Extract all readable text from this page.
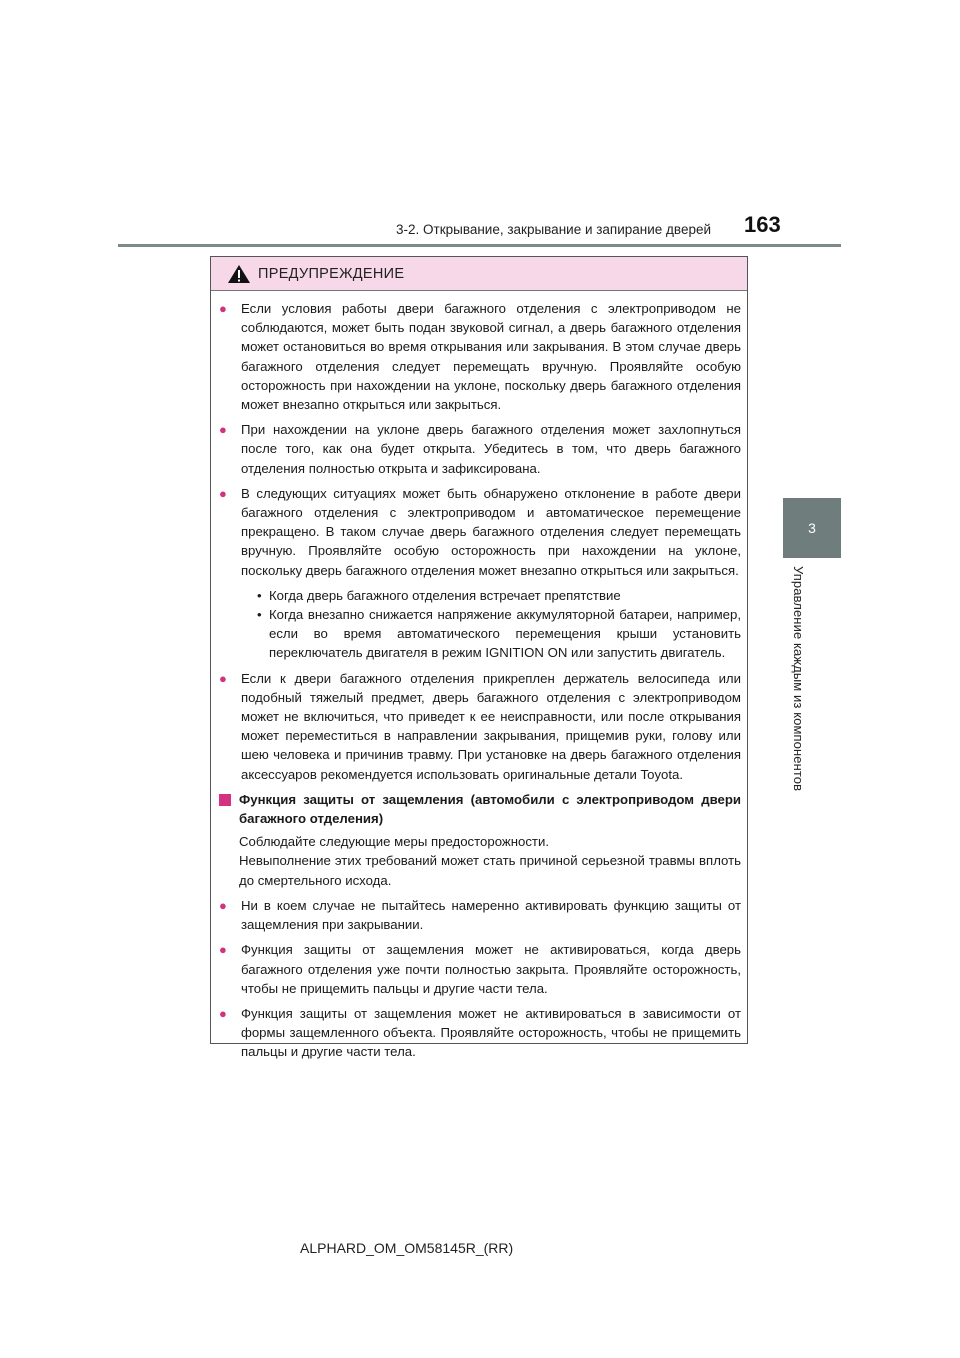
3-2. Открывание, закрывание и запирание дверей 163
3
Управление каждым из компонентов
ПРЕДУПРЕЖДЕНИЕ
●	Если условия работы двери багажного отделения с электроприводом не соблюдаются, может быть подан звуковой сигнал, а дверь багажного отделения может остановиться во время открывания или закрывания. В этом случае дверь багажного отделения следует перемещать вручную. Проявляйте особую осторожность при нахождении на уклоне, поскольку дверь багажного отделения может внезапно открыться или закрыться.
●	При нахождении на уклоне дверь багажного отделения может захлопнуться после того, как она будет открыта. Убедитесь в том, что дверь багажного отделения полностью открыта и зафиксирована.
●	В следующих ситуациях может быть обнаружено отклонение в работе двери багажного отделения с электроприводом и автоматическое перемещение прекращено. В таком случае дверь багажного отделения следует перемещать вручную. Проявляйте особую осторожность при нахождении на уклоне, поскольку дверь багажного отделения может внезапно открыться или закрыться.
• Когда дверь багажного отделения встречает препятствие
• Когда внезапно снижается напряжение аккумуляторной батареи, например, если во время автоматического перемещения крыши установить переключатель двигателя в режим IGNITION ON или запустить двигатель.
●	Если к двери багажного отделения прикреплен держатель велосипеда или подобный тяжелый предмет, дверь багажного отделения с электроприводом может не включиться, что приведет к ее неисправности, или после открывания может переместиться в направлении закрывания, прищемив руки, голову или шею человека и причинив травму. При установке на дверь багажного отделения аксессуаров рекомендуется использовать оригинальные детали Toyota.
Функция защиты от защемления (автомобили с электроприводом двери багажного отделения)
Соблюдайте следующие меры предосторожности.
Невыполнение этих требований может стать причиной серьезной травмы вплоть до смертельного исхода.
●	Ни в коем случае не пытайтесь намеренно активировать функцию защиты от защемления при закрывании.
●	Функция защиты от защемления может не активироваться, когда дверь багажного отделения уже почти полностью закрыта. Проявляйте осторожность, чтобы не прищемить пальцы и другие части тела.
●	Функция защиты от защемления может не активироваться в зависимости от формы защемленного объекта. Проявляйте осторожность, чтобы не прищемить пальцы и другие части тела.
ALPHARD_OM_OM58145R_(RR)
